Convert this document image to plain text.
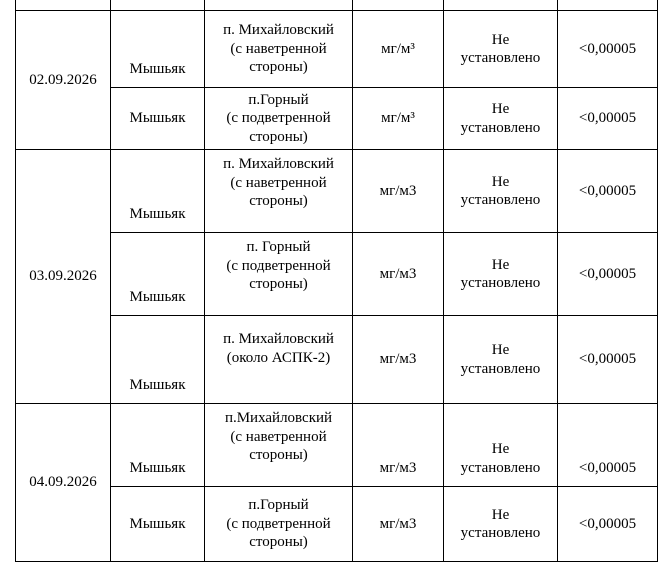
02.09.2026	Мышьяк	п. Михайловский
(с наветренной
стороны)	мг/м³	Не
установлено	<0,00005
	Мышьяк	п.Горный
(с подветренной
стороны)	мг/м³	Не
установлено	<0,00005
03.09.2026	Мышьяк	п. Михайловский
(с наветренной
стороны)	мг/м3	Не
установлено	<0,00005
	Мышьяк	п. Горный
(с подветренной
стороны)	мг/м3	Не
установлено	<0,00005
	Мышьяк	п. Михайловский
(около АСПК-2)	мг/м3	Не
установлено	<0,00005
04.09.2026	Мышьяк	п.Михайловский
(с наветренной
стороны)	мг/м3	Не
установлено	<0,00005
	Мышьяк	п.Горный
(с подветренной
стороны)	мг/м3	Не
установлено	<0,00005
